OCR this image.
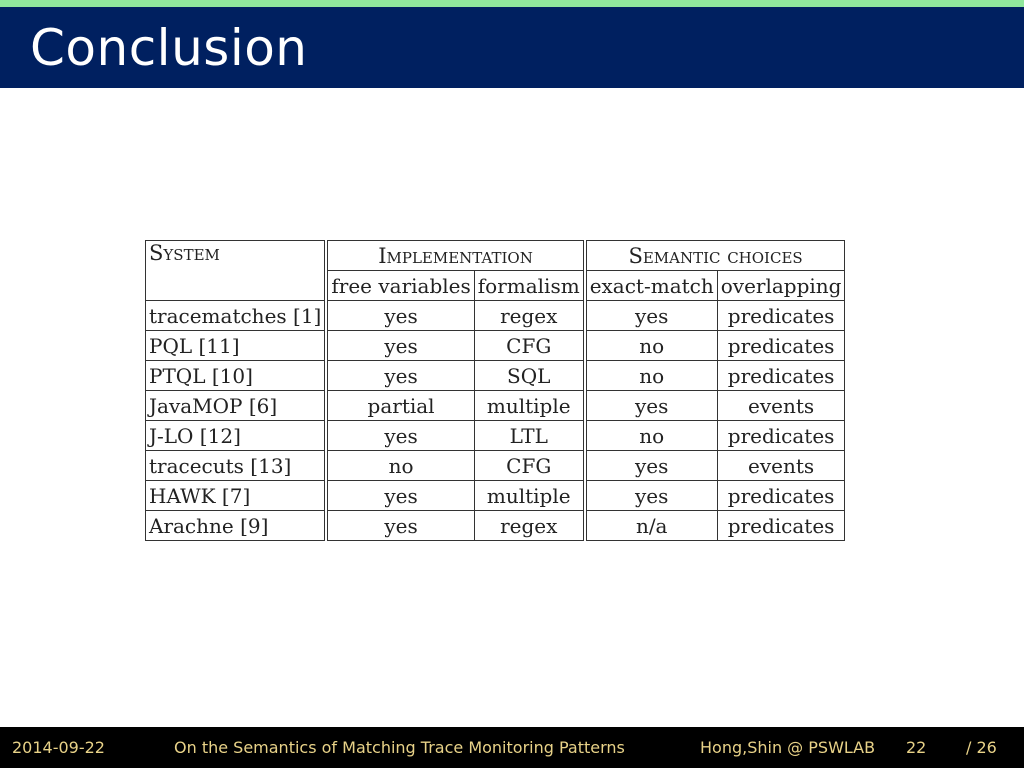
Conclusion
System	Implementation		Semantic choices	
	free variables	formalism	exact-match	overlapping
tracematches [1]	yes	regex	yes	predicates
PQL [11]	yes	CFG	no	predicates
PTQL [10]	yes	SQL	no	predicates
JavaMOP [6]	partial	multiple	yes	events
J-LO [12]	yes	LTL	no	predicates
tracecuts [13]	no	CFG	yes	events
HAWK [7]	yes	multiple	yes	predicates
Arachne [9]	yes	regex	n/a	predicates
2014-09-22	On the Semantics of Matching Trace Monitoring Patterns	Hong,Shin @ PSWLAB 22 / 26
